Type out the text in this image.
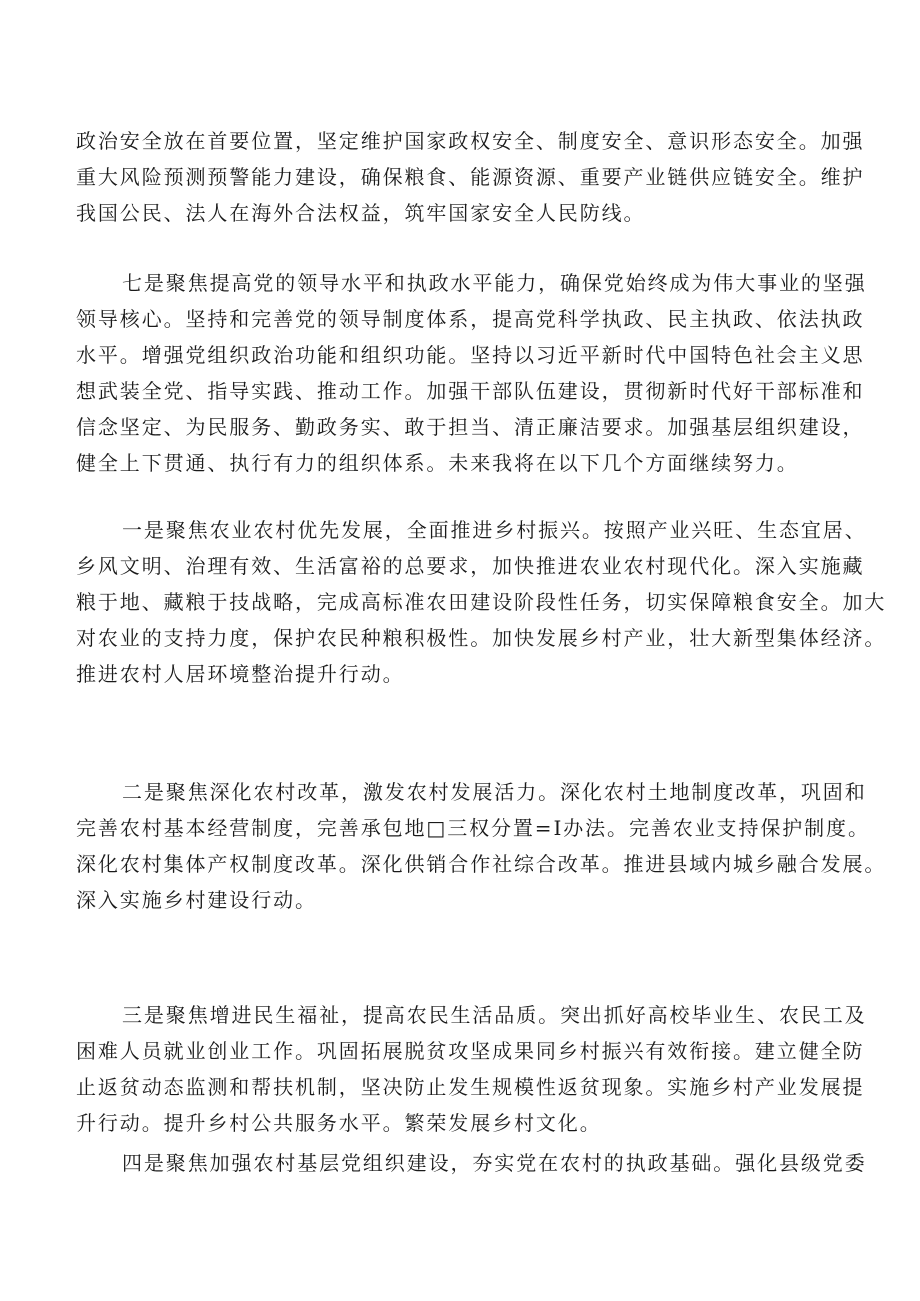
政治安全放在首要位置，坚定维护国家政权安全、制度安全、意识形态安全。加强
重大风险预测预警能力建设，确保粮食、能源资源、重要产业链供应链安全。维护
我国公民、法人在海外合法权益，筑牢国家安全人民防线。
七是聚焦提高党的领导水平和执政水平能力，确保党始终成为伟大事业的坚强
领导核心。坚持和完善党的领导制度体系，提高党科学执政、民主执政、依法执政
水平。增强党组织政治功能和组织功能。坚持以习近平新时代中国特色社会主义思
想武装全党、指导实践、推动工作。加强干部队伍建设，贯彻新时代好干部标准和
信念坚定、为民服务、勤政务实、敢于担当、清正廉洁要求。加强基层组织建设，
健全上下贯通、执行有力的组织体系。未来我将在以下几个方面继续努力。
一是聚焦农业农村优先发展，全面推进乡村振兴。按照产业兴旺、生态宜居、
乡风文明、治理有效、生活富裕的总要求，加快推进农业农村现代化。深入实施藏
粮于地、藏粮于技战略，完成高标准农田建设阶段性任务，切实保障粮食安全。加大
对农业的支持力度，保护农民种粮积极性。加快发展乡村产业，壮大新型集体经济。
推进农村人居环境整治提升行动。
二是聚焦深化农村改革，激发农村发展活力。深化农村土地制度改革，巩固和
完善农村基本经营制度，完善承包地□三权分置=I办法。完善农业支持保护制度。
深化农村集体产权制度改革。深化供销合作社综合改革。推进县域内城乡融合发展。
深入实施乡村建设行动。
三是聚焦增进民生福祉，提高农民生活品质。突出抓好高校毕业生、农民工及
困难人员就业创业工作。巩固拓展脱贫攻坚成果同乡村振兴有效衔接。建立健全防
止返贫动态监测和帮扶机制，坚决防止发生规模性返贫现象。实施乡村产业发展提
升行动。提升乡村公共服务水平。繁荣发展乡村文化。
四是聚焦加强农村基层党组织建设，夯实党在农村的执政基础。强化县级党委
